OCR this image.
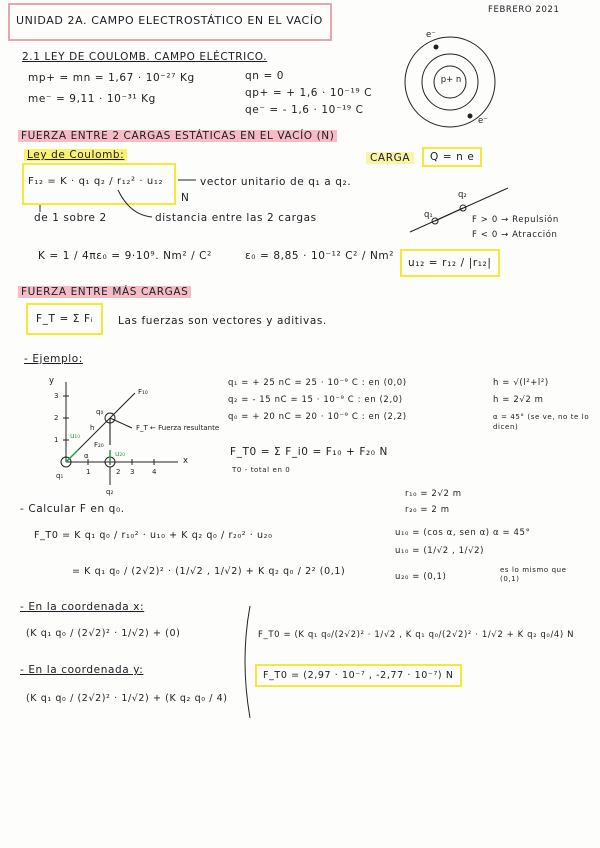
UNIDAD 2A. CAMPO ELECTROSTÁTICO EN EL VACÍO
FEBRERO 2021
2.1 LEY DE COULOMB. CAMPO ELÉCTRICO.
mp+ = mn = 1,67 · 10⁻²⁷ Kg
me⁻ = 9,11 · 10⁻³¹ Kg
qn = 0
qp+ = + 1,6 · 10⁻¹⁹ C
qe⁻ = - 1,6 · 10⁻¹⁹ C
p+ n
e⁻
e⁻
FUERZA ENTRE 2 CARGAS ESTÁTICAS EN EL VACÍO (N)
Ley de Coulomb:	CARGA	Q = n e
F₁₂ = K · q₁ q₂ / r₁₂² · u₁₂
N
vector unitario de q₁ a q₂.
de 1 sobre 2	distancia entre las 2 cargas
K = 1 / 4πε₀ = 9·10⁹. Nm² / C²	ε₀ = 8,85 · 10⁻¹² C² / Nm²
q₁
q₂
F > 0 → Repulsión
F < 0 → Atracción
u₁₂ = r₁₂ / |r₁₂|
FUERZA ENTRE MÁS CARGAS
F_T = Σ Fᵢ	Las fuerzas son vectores y aditivas.
- Ejemplo:
y
x
1	2 3	4
1
2
3	F₁₀
F₂₀
F_T ← Fuerza resultante
u₁₀
u₂₀
h
α
q₀
q₁
q₂
q₁ = + 25 nC = 25 · 10⁻⁹ C : en (0,0)
q₂ = - 15 nC = 15 · 10⁻⁹ C : en (2,0)
q₀ = + 20 nC = 20 · 10⁻⁹ C : en (2,2)
h = √(l²+l²)
h = 2√2 m
α = 45° (se ve, no te lo dicen)
F_T0 = Σ F_i0 = F₁₀ + F₂₀ N
T0 - total en 0
- Calcular F en q₀.
r₁₀ = 2√2 m
r₂₀ = 2 m
F_T0 = K q₁ q₀ / r₁₀² · u₁₀ + K q₂ q₀ / r₂₀² · u₂₀
= K q₁ q₀ / (2√2)² · (1/√2 , 1/√2) + K q₂ q₀ / 2² (0,1)
u₁₀ = (cos α, sen α) α = 45°
u₁₀ = (1/√2 , 1/√2)
u₂₀ = (0,1)
es lo mismo que (0,1)
- En la coordenada x:
(K q₁ q₀ / (2√2)² · 1/√2) + (0)
- En la coordenada y:
(K q₁ q₀ / (2√2)² · 1/√2) + (K q₂ q₀ / 4)
F_T0 = (K q₁ q₀/(2√2)² · 1/√2 , K q₁ q₀/(2√2)² · 1/√2 + K q₂ q₀/4) N
F_T0 = (2,97 · 10⁻⁷ , -2,77 · 10⁻⁷) N
